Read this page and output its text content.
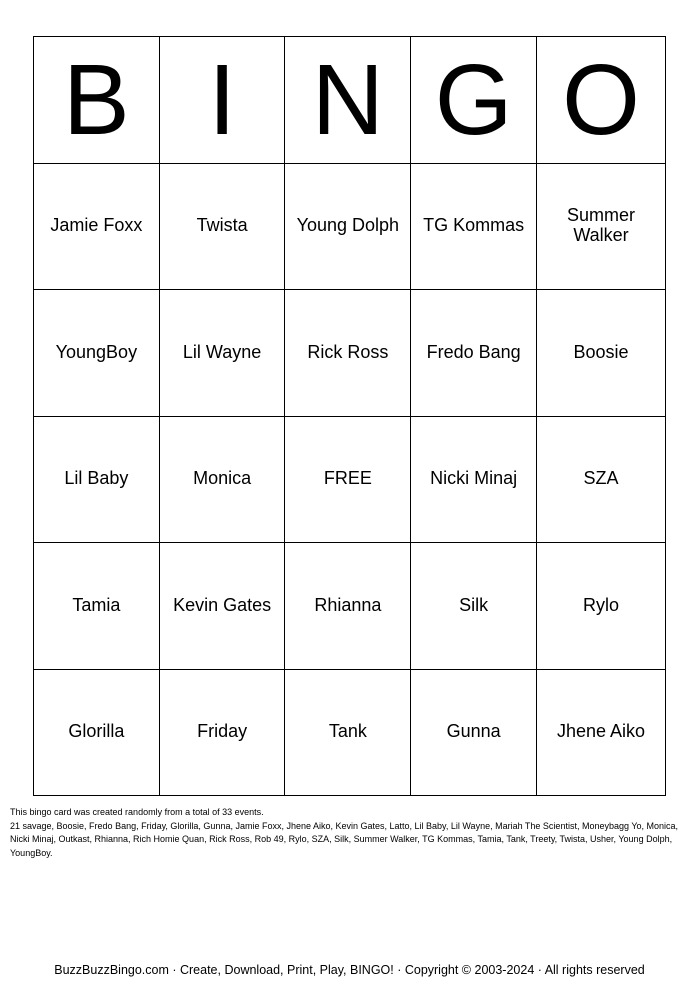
B I N G O
Jamie Foxx	Twista	Young Dolph	TG Kommas	Summer Walker
YoungBoy	Lil Wayne	Rick Ross	Fredo Bang	Boosie
Lil Baby	Monica	FREE	Nicki Minaj	SZA
Tamia	Kevin Gates	Rhianna	Silk	Rylo
Glorilla	Friday	Tank	Gunna	Jhene Aiko

This bingo card was created randomly from a total of 33 events.

21 savage, Boosie, Fredo Bang, Friday, Glorilla, Gunna, Jamie Foxx, Jhene Aiko, Kevin Gates, Latto, Lil Baby, Lil Wayne, Mariah The Scientist, Moneybagg Yo, Monica, Nicki Minaj, Outkast, Rhianna, Rich Homie Quan, Rick Ross, Rob 49, Rylo, SZA, Silk, Summer Walker, TG Kommas, Tamia, Tank, Treety, Twista, Usher, Young Dolph, YoungBoy.

BuzzBuzzBingo.com · Create, Download, Print, Play, BINGO! · Copyright © 2003-2024 · All rights reserved
